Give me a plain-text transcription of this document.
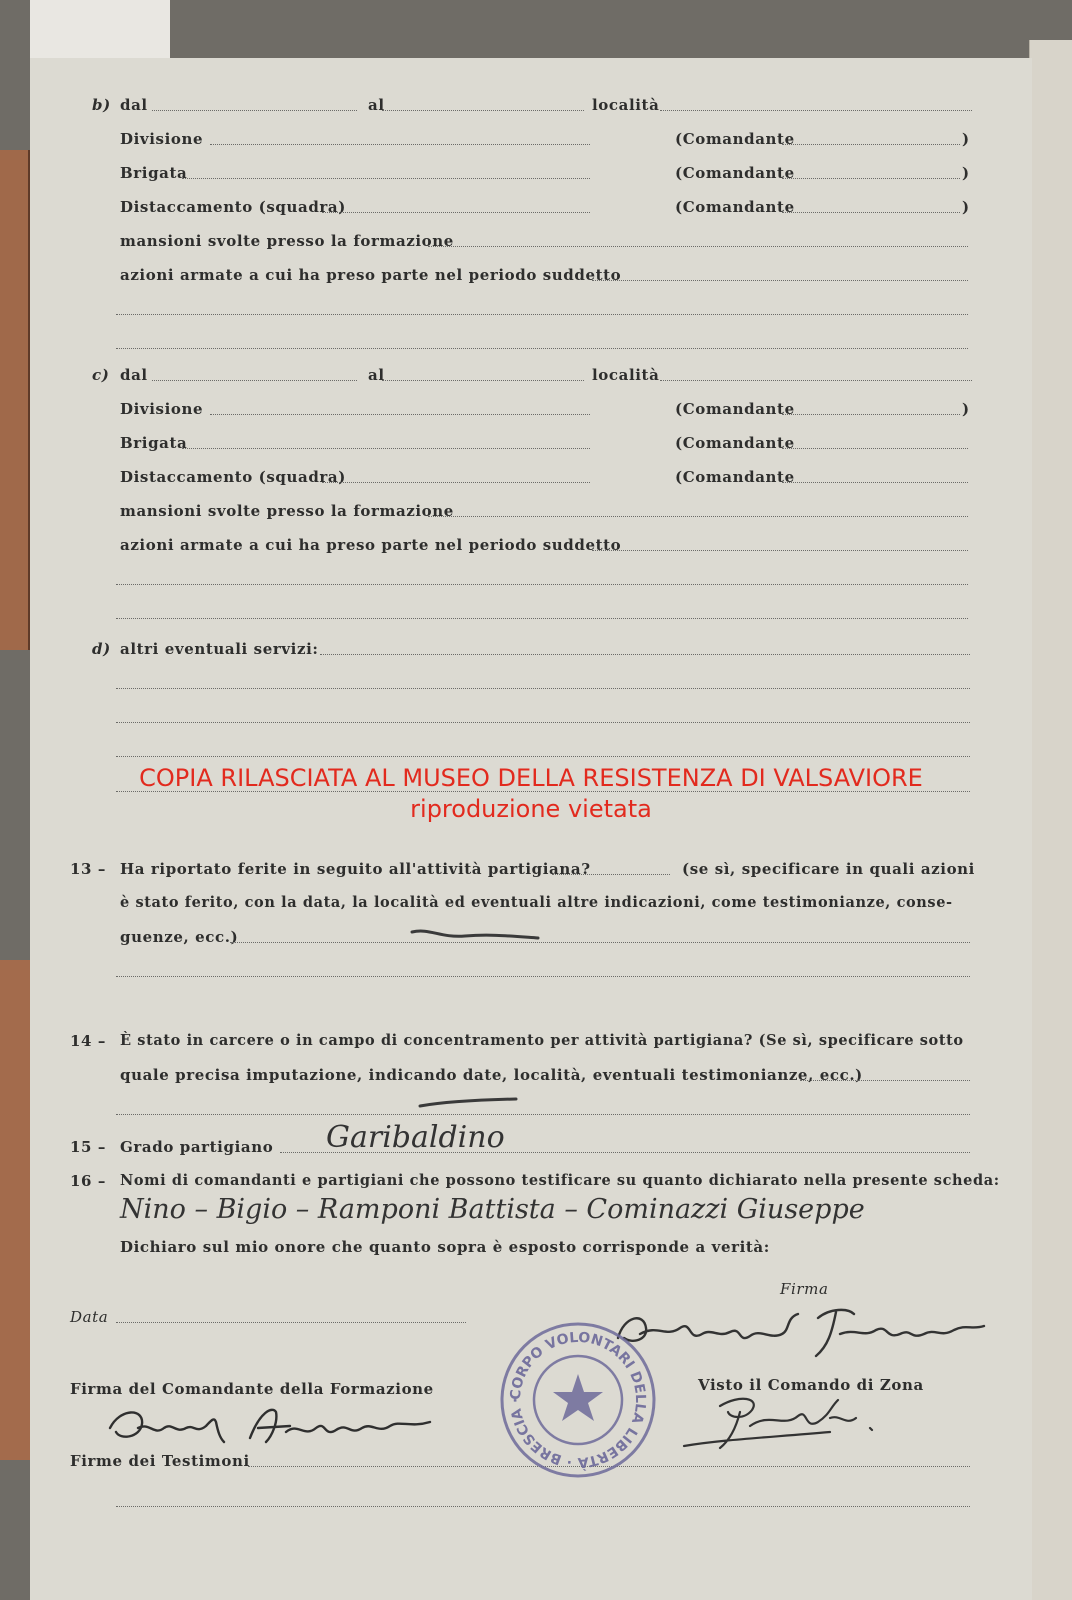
b) dal	al	località
Divisione	(Comandante	)
Brigata	(Comandante	)
Distaccamento (squadra)	(Comandante	)
mansioni svolte presso la formazione
azioni armate a cui ha preso parte nel periodo suddetto
c) dal	al	località
Divisione	(Comandante	)
Brigata	(Comandante
Distaccamento (squadra)	(Comandante
mansioni svolte presso la formazione
azioni armate a cui ha preso parte nel periodo suddetto
d) altri eventuali servizi:
COPIA RILASCIATA AL MUSEO DELLA RESISTENZA DI VALSAVIORE
riproduzione vietata
13 – Ha riportato ferite in seguito all'attività partigiana?	(se sì, specificare in quali azioni
è stato ferito, con la data, la località ed eventuali altre indicazioni, come testimonianze, conse-
guenze, ecc.)
14 – È stato in carcere o in campo di concentramento per attività partigiana? (Se sì, specificare sotto
quale precisa imputazione, indicando date, località, eventuali testimonianze, ecc.)
15 – Grado partigiano Garibaldino
16 – Nomi di comandanti e partigiani che possono testificare su quanto dichiarato nella presente scheda:
Nino – Bigio – Ramponi Battista – Cominazzi Giuseppe
Dichiaro sul mio onore che quanto sopra è esposto corrisponde a verità:
Firma
Data
Firma del Comandante della Formazione	Visto il Comando di Zona
Firme dei Testimoni
CORPO VOLONTARI DELLA LIBERTÀ · BRESCIA ·
